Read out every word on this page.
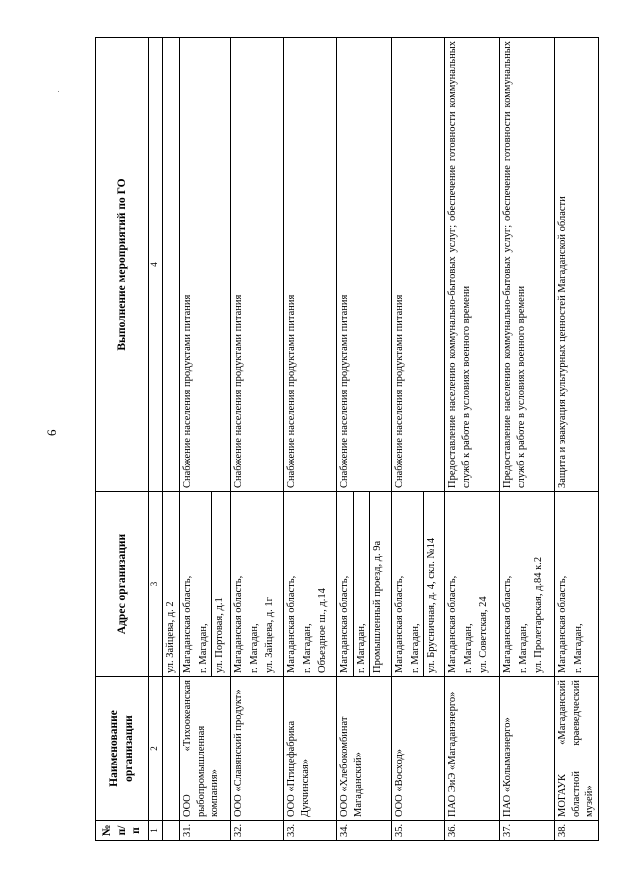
6
№ п/п	Наименование организации	Адрес организации	Выполнение мероприятий по ГО
1	2	3	4
		ул. Зайцева, д. 2	
31.	ООО «Тихоокеанская рыбопромышленная компания»	Магаданская область, г. Магадан, ул. Портовая, д.1	Снабжение населения продуктами питания
32.	ООО «Славянский продукт»	Магаданская область, г. Магадан, ул. Зайцева, д. 1г	Снабжение населения продуктами питания
33.	ООО «Птицефабрика Дукчинская»	Магаданская область, г. Магадан, Объездное ш., д.14	Снабжение населения продуктами питания
34.	ООО «Хлебокомбинат Магаданский»	Магаданская область, г. Магадан, Промышленный проезд, д. 9а	Снабжение населения продуктами питания
35.	ООО «Восход»	Магаданская область, г. Магадан, ул. Брусничная, д. 4, скл. №14	Снабжение населения продуктами питания
36.	ПАО ЭиЭ «Магаданэнерго»	Магаданская область, г. Магадан, ул. Советская, 24	Предоставление населению коммунально-бытовых услуг; обеспечение готовности коммунальных служб к работе в условиях военного времени
37.	ПАО «Колымаэнерго»	Магаданская область, г. Магадан, ул. Пролетарская, д.84 к.2	Предоставление населению коммунально-бытовых услуг; обеспечение готовности коммунальных служб к работе в условиях военного времени
38.	МОГАУК «Магаданский областной краеведческий музей»	Магаданская область, г. Магадан,	Защита и эвакуация культурных ценностей Магаданской области
